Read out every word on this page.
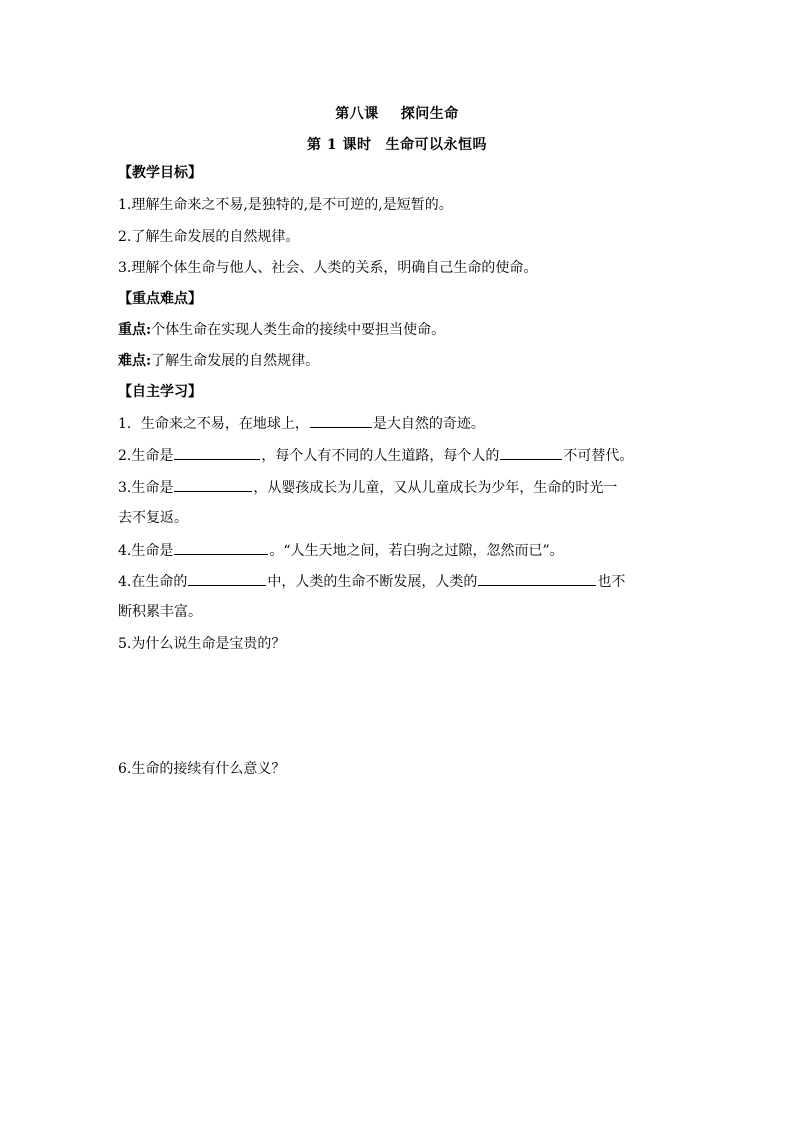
第八课 探问生命
第 1 课时 生命可以永恒吗
【教学目标】
1.理解生命来之不易,是独特的,是不可逆的,是短暂的。
2.了解生命发展的自然规律。
3.理解个体生命与他人、社会、人类的关系，明确自己生命的使命。
【重点难点】
重点:个体生命在实现人类生命的接续中要担当使命。
难点:了解生命发展的自然规律。
【自主学习】
1．生命来之不易，在地球上，	是大自然的奇迹。
2.生命是	，每个人有不同的人生道路，每个人的	不可替代。
3.生命是	，从婴孩成长为儿童，又从儿童成长为少年，生命的时光一
去不复返。
4.生命是	。“人生天地之间，若白驹之过隙，忽然而已”。
4.在生命的	中，人类的生命不断发展，人类的	也不
断积累丰富。
5.为什么说生命是宝贵的？
6.生命的接续有什么意义？
